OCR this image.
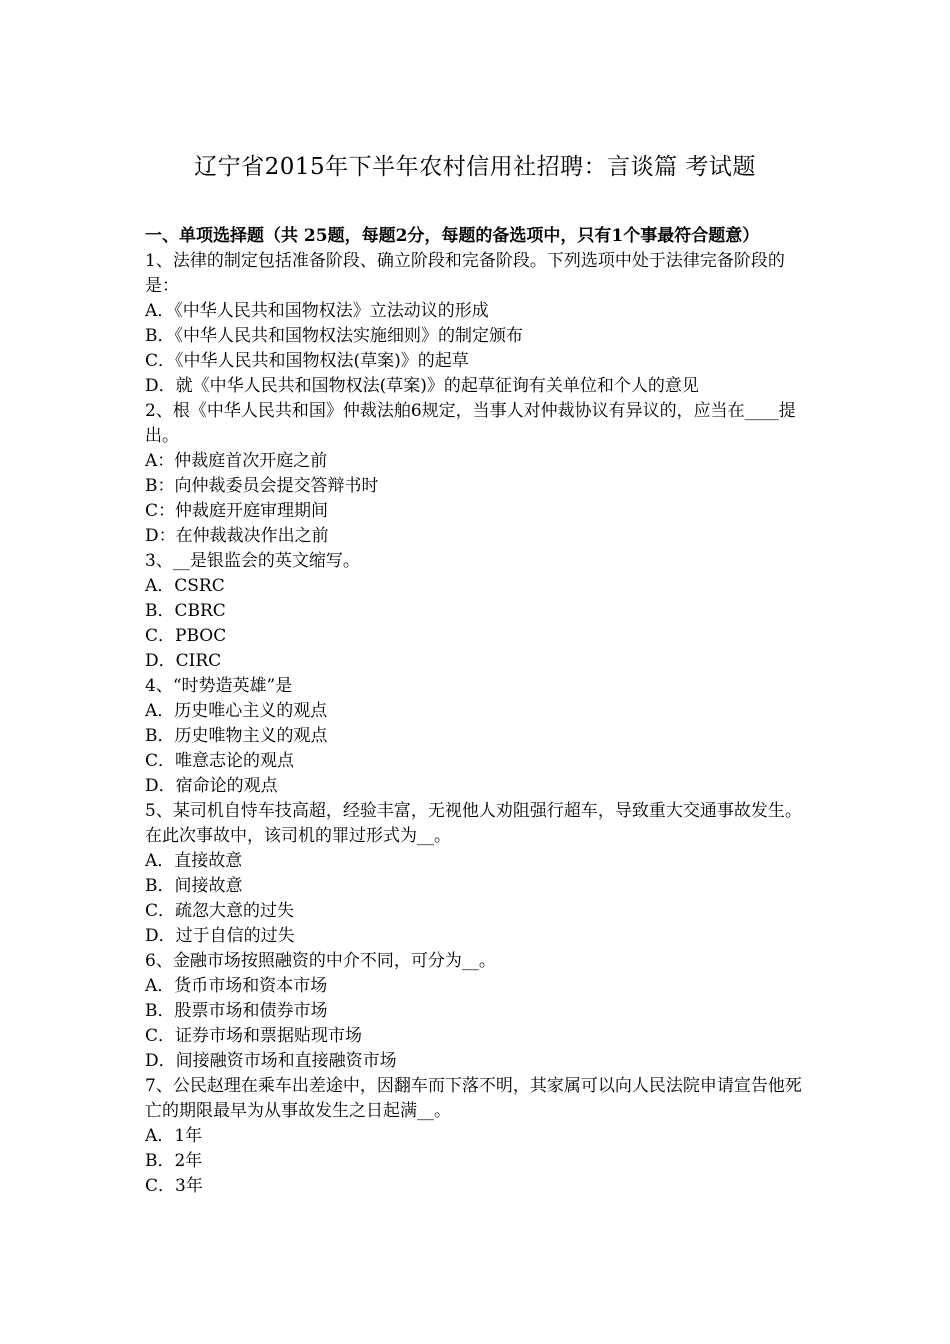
辽宁省2015年下半年农村信用社招聘：言谈篇 考试题

一、单项选择题（共 25题，每题2分，每题的备选项中，只有1个事最符合题意）

1、法律的制定包括准备阶段、确立阶段和完备阶段。下列选项中处于法律完备阶段的是：

A．《中华人民共和国物权法》立法动议的形成

B．《中华人民共和国物权法实施细则》的制定颁布

C．《中华人民共和国物权法(草案)》的起草

D．就《中华人民共和国物权法(草案)》的起草征询有关单位和个人的意见

2、根《中华人民共和国》仲裁法舶6规定，当事人对仲裁协议有异议的，应当在____提出。

A：仲裁庭首次开庭之前

B：向仲裁委员会提交答辩书时

C：仲裁庭开庭审理期间

D：在仲裁裁决作出之前

3、__是银监会的英文缩写。

A．CSRC

B．CBRC

C．PBOC

D．CIRC

4、“时势造英雄”是

A．历史唯心主义的观点

B．历史唯物主义的观点

C．唯意志论的观点

D．宿命论的观点

5、某司机自恃车技高超，经验丰富，无视他人劝阻强行超车，导致重大交通事故发生。在此次事故中，该司机的罪过形式为__。

A．直接故意

B．间接故意

C．疏忽大意的过失

D．过于自信的过失

6、金融市场按照融资的中介不同，可分为__。

A．货币市场和资本市场

B．股票市场和债券市场

C．证券市场和票据贴现市场

D．间接融资市场和直接融资市场

7、公民赵理在乘车出差途中，因翻车而下落不明，其家属可以向人民法院申请宣告他死亡的期限最早为从事故发生之日起满__。

A．1年

B．2年

C．3年
